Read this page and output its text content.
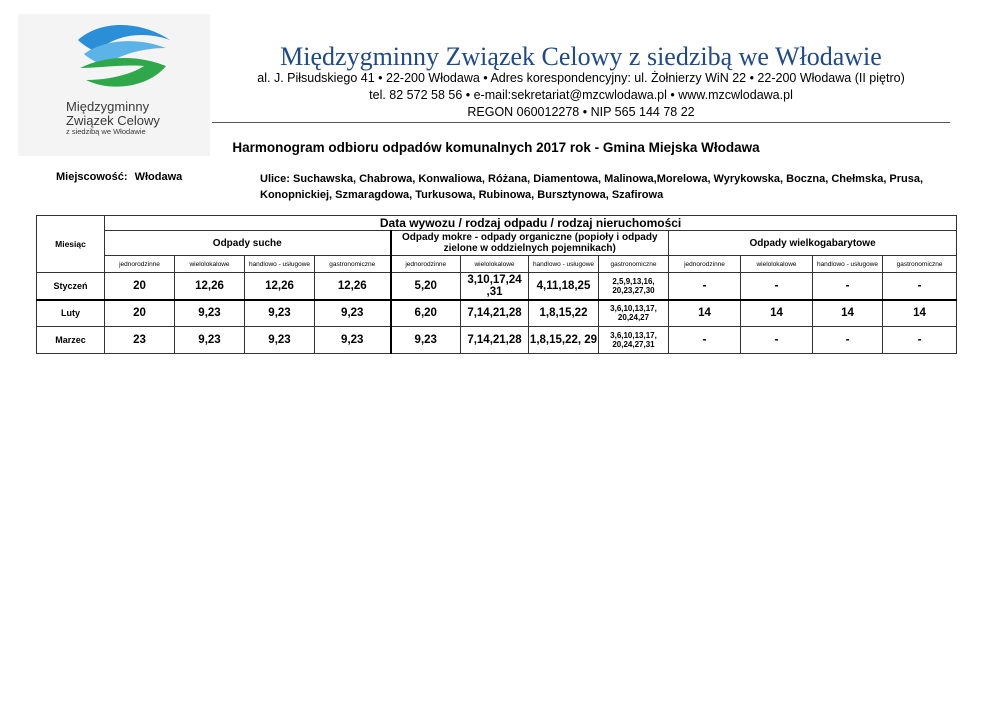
Międzygminny
Związek Celowy
z siedzibą we Włodawie
Międzygminny Związek Celowy z siedzibą we Włodawie
al. J. Piłsudskiego 41 • 22-200 Włodawa • Adres korespondencyjny: ul. Żołnierzy WiN 22 • 22-200 Włodawa (II piętro)
tel. 82 572 58 56 • e-mail:sekretariat@mzcwlodawa.pl • www.mzcwlodawa.pl
REGON 060012278 • NIP 565 144 78 22
Harmonogram odbioru odpadów komunalnych 2017 rok - Gmina Miejska Włodawa
Miejscowość: Włodawa	Ulice: Suchawska, Chabrowa, Konwaliowa, Różana, Diamentowa, Malinowa,Morelowa, Wyrykowska, Boczna, Chełmska, Prusa, Konopnickiej, Szmaragdowa, Turkusowa, Rubinowa, Bursztynowa, Szafirowa
Miesiąc	Data wywozu / rodzaj odpadu / rodzaj nieruchomości											
	Odpady suche				Odpady mokre - odpady organiczne (popioły i odpady zielone w oddzielnych pojemnikach)				Odpady wielkogabarytowe			
	jednorodzinne	wielolokalowe	handlowo - usługowe	gastronomiczne	jednorodzinne	wielolokalowe	handlowo - usługowe	gastronomiczne	jednorodzinne	wielolokalowe	handlowo - usługowe	gastronomiczne
Styczeń	20	12,26	12,26	12,26	5,20	3,10,17,24 ,31	4,11,18,25	2,5,9,13,16, 20,23,27,30	-	-	-	-
Luty	20	9,23	9,23	9,23	6,20	7,14,21,28	1,8,15,22	3,6,10,13,17, 20,24,27	14	14	14	14
Marzec	23	9,23	9,23	9,23	9,23	7,14,21,28	1,8,15,22, 29	3,6,10,13,17, 20,24,27,31	-	-	-	-
